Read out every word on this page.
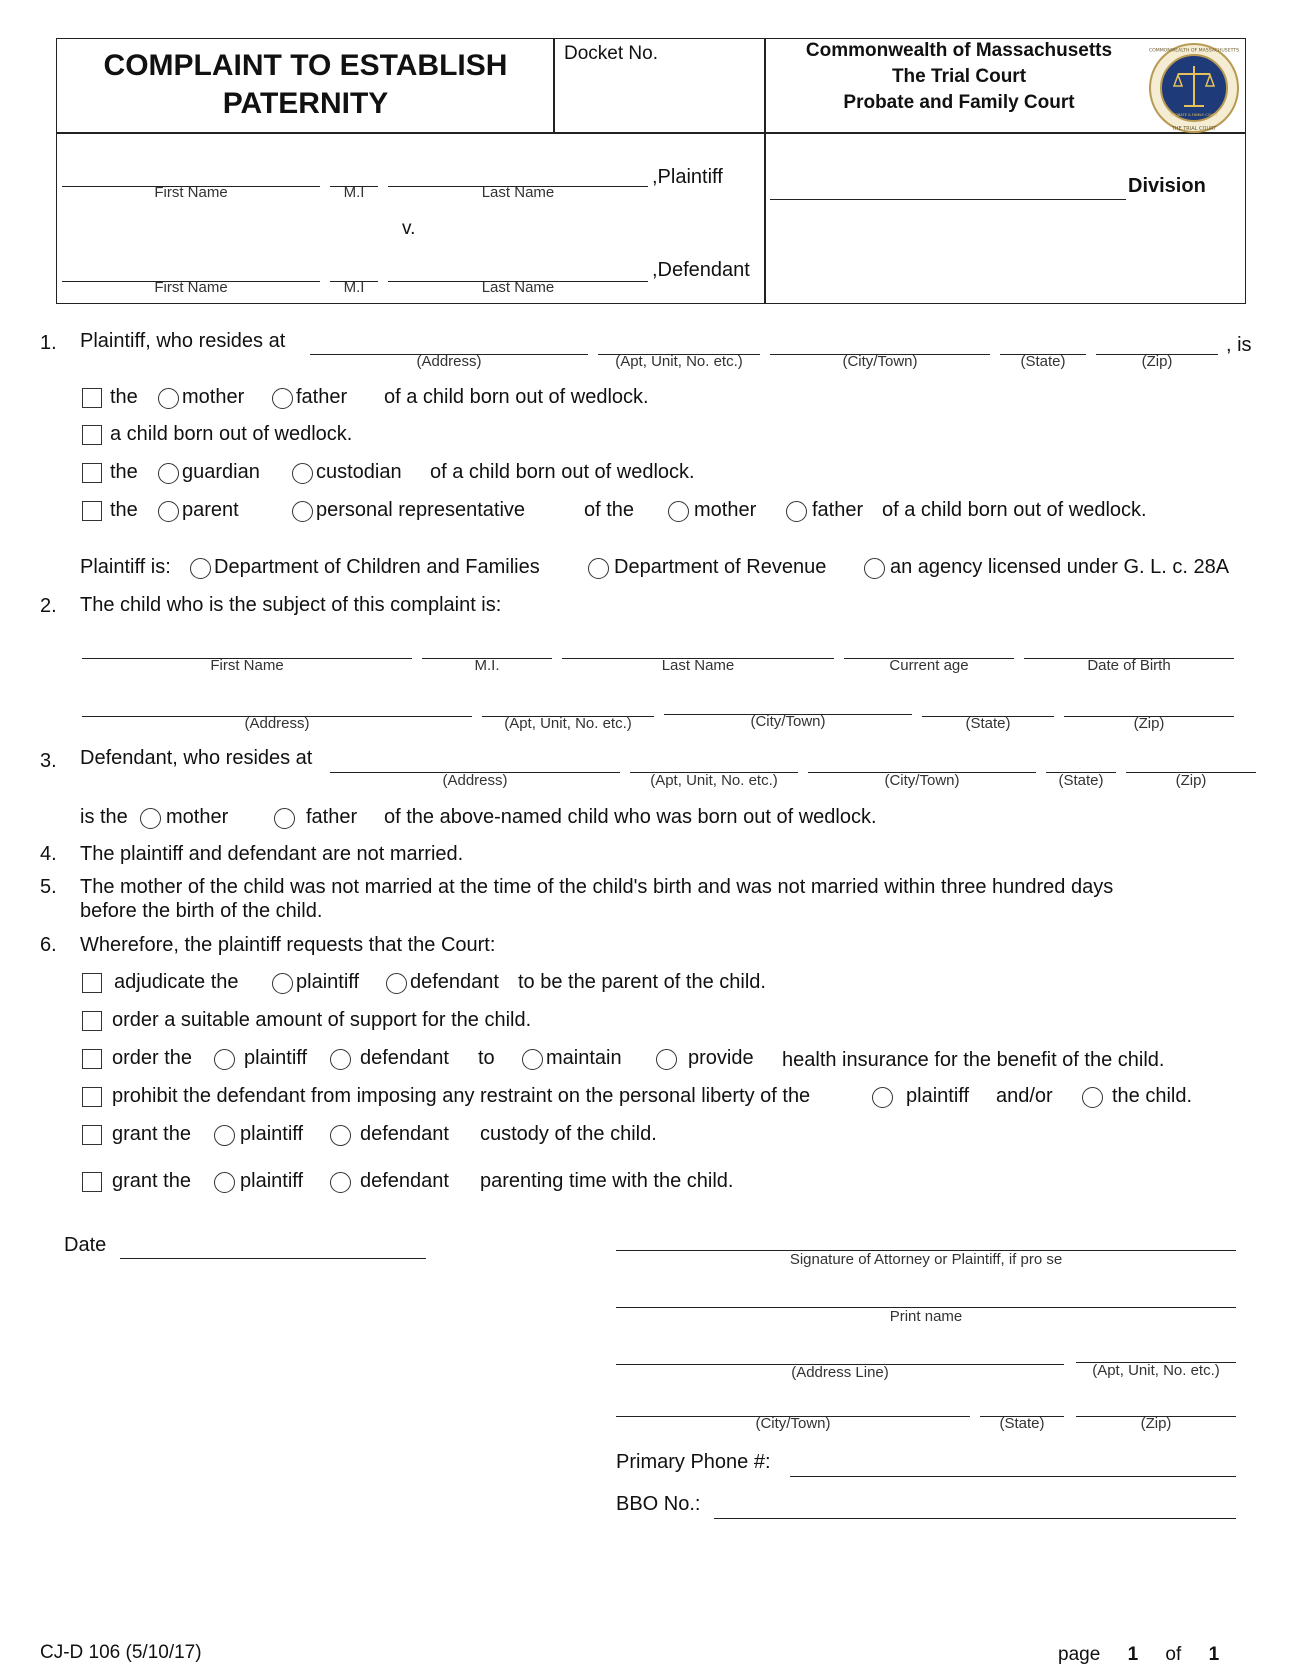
COMPLAINT TO ESTABLISH
PATERNITY
Docket No.	Commonwealth of Massachusetts
The Trial Court
Probate and Family Court
COMMONWEALTH OF MASSACHUSETTS
THE TRIAL COURT
PROBATE & FAMILY COURT
First Name	M.I	Last Name
,Plaintiff
v.
First Name	M.I	Last Name
,Defendant
Division
1. Plaintiff, who resides at
(Address)	(Apt, Unit, No. etc.)	(City/Town)	(State)	(Zip)
, is
the mother	father of a child born out of wedlock.
a child born out of wedlock.
the guardian	custodian of a child born out of wedlock.
the parent	personal representative	of the	mother	father of a child born out of wedlock.
Plaintiff is: Department of Children and Families	Department of Revenue	an agency licensed under G. L. c. 28A
2. The child who is the subject of this complaint is:
First Name	M.I.	Last Name	Current age	Date of Birth
(Address)	(Apt, Unit, No. etc.)	(City/Town)	(State)	(Zip)
3. Defendant, who resides at
(Address)	(Apt, Unit, No. etc.)	(City/Town)	(State)	(Zip)
is the mother	father of the above-named child who was born out of wedlock.
4. The plaintiff and defendant are not married.
5. The mother of the child was not married at the time of the child's birth and was not married within three hundred days
before the birth of the child.
6. Wherefore, the plaintiff requests that the Court:
adjudicate the	plaintiff	defendant to be the parent of the child.
order a suitable amount of support for the child.
order the	plaintiff	defendant to	maintain	provide health insurance for the benefit of the child.
prohibit the defendant from imposing any restraint on the personal liberty of the	plaintiff and/or	the child.
grant the plaintiff	defendant custody of the child.
grant the plaintiff	defendant parenting time with the child.
Date
Signature of Attorney or Plaintiff, if pro se
Print name
(Address Line)	(Apt, Unit, No. etc.)
(City/Town)	(State)	(Zip)
Primary Phone #:
BBO No.:
CJ-D 106 (5/10/17)	page 1 of 1
